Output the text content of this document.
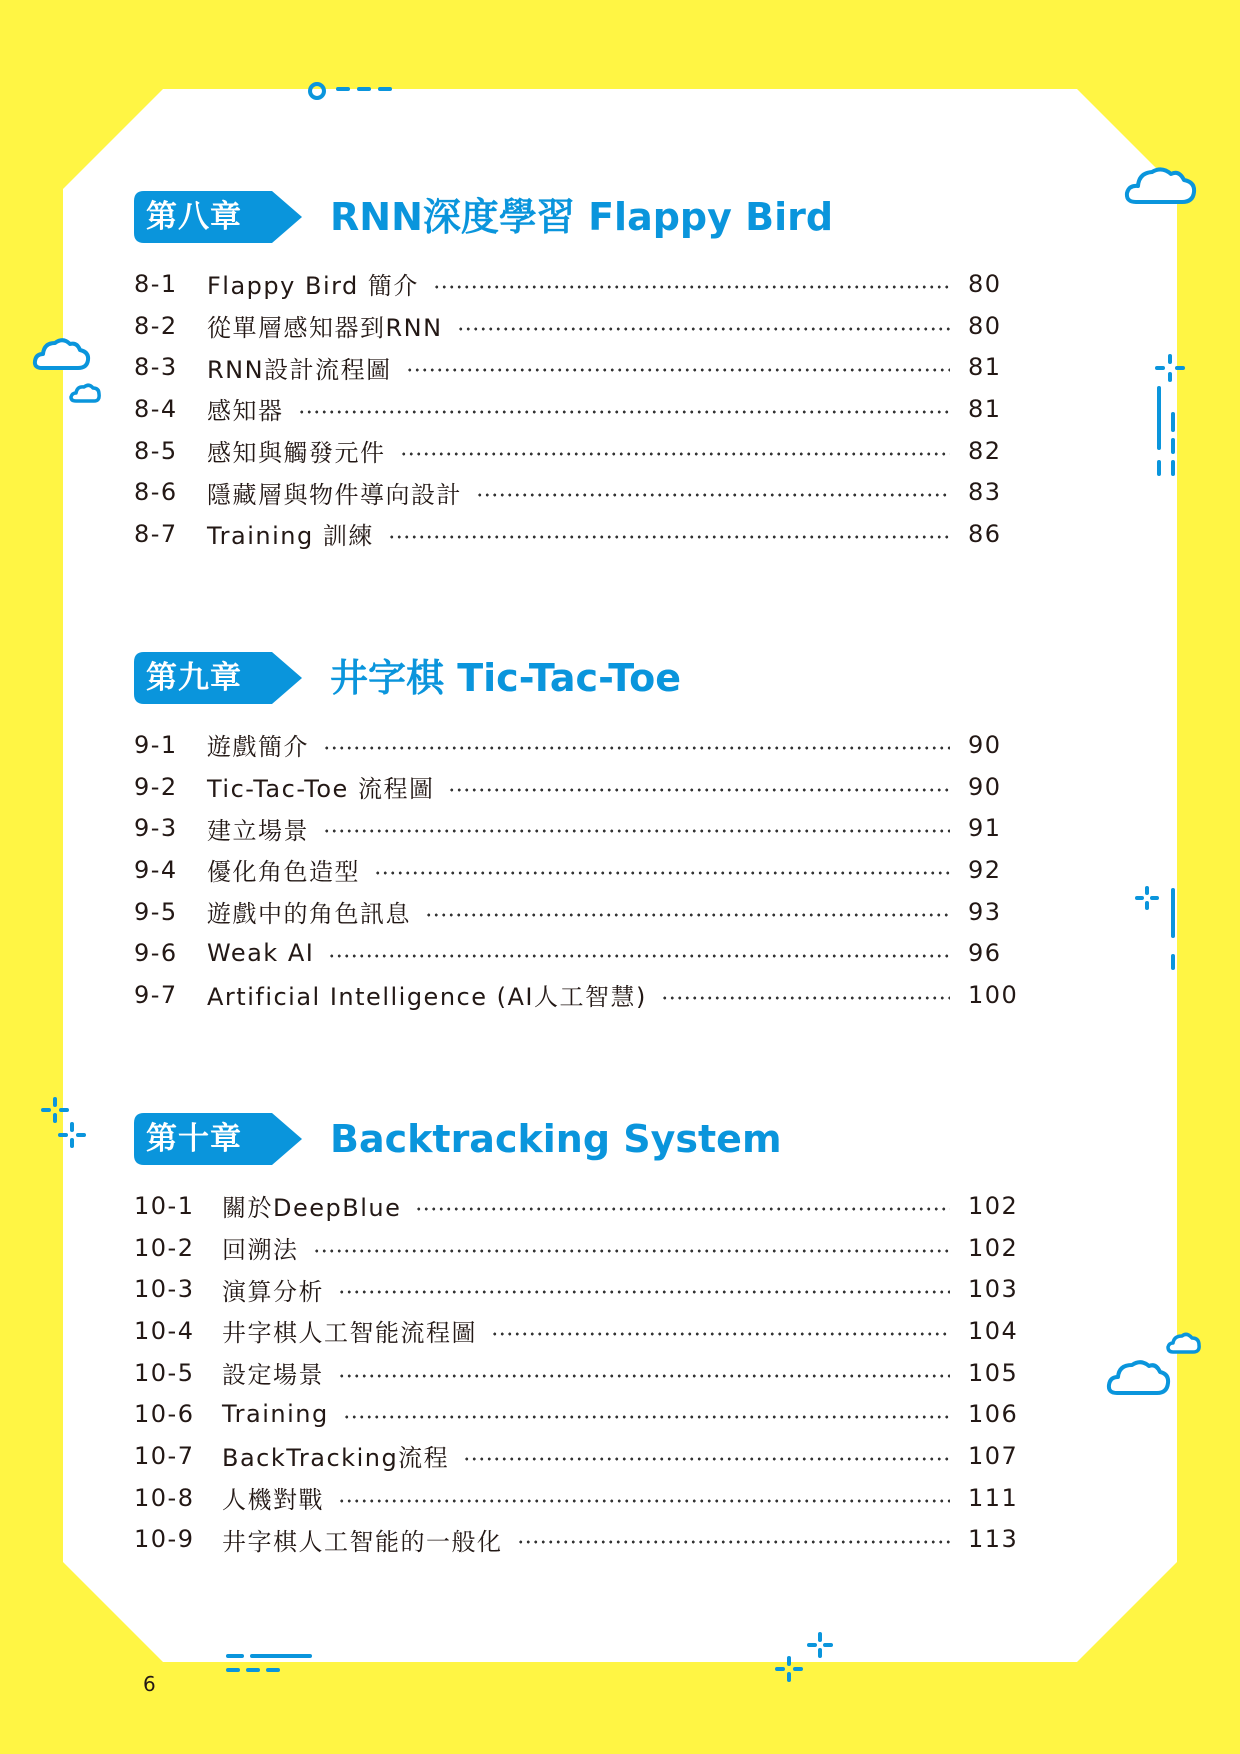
第八章	RNN深度學習 Flappy Bird
8-1	Flappy Bird 簡介	80
8-2	從單層感知器到RNN	80
8-3	RNN設計流程圖	81
8-4	感知器	81
8-5	感知與觸發元件	82
8-6	隱藏層與物件導向設計	83
8-7	Training 訓練	86
第九章	井字棋 Tic-Tac-Toe
9-1	遊戲簡介	90
9-2	Tic-Tac-Toe 流程圖	90
9-3	建立場景	91
9-4	優化角色造型	92
9-5	遊戲中的角色訊息	93
9-6	Weak AI	96
9-7	Artificial Intelligence (AI人工智慧)	100
第十章	Backtracking System
10-1	關於DeepBlue	102
10-2	回溯法	102
10-3	演算分析	103
10-4	井字棋人工智能流程圖	104
10-5	設定場景	105
10-6	Training	106
10-7	BackTracking流程	107
10-8	人機對戰	111
10-9	井字棋人工智能的一般化	113
6
